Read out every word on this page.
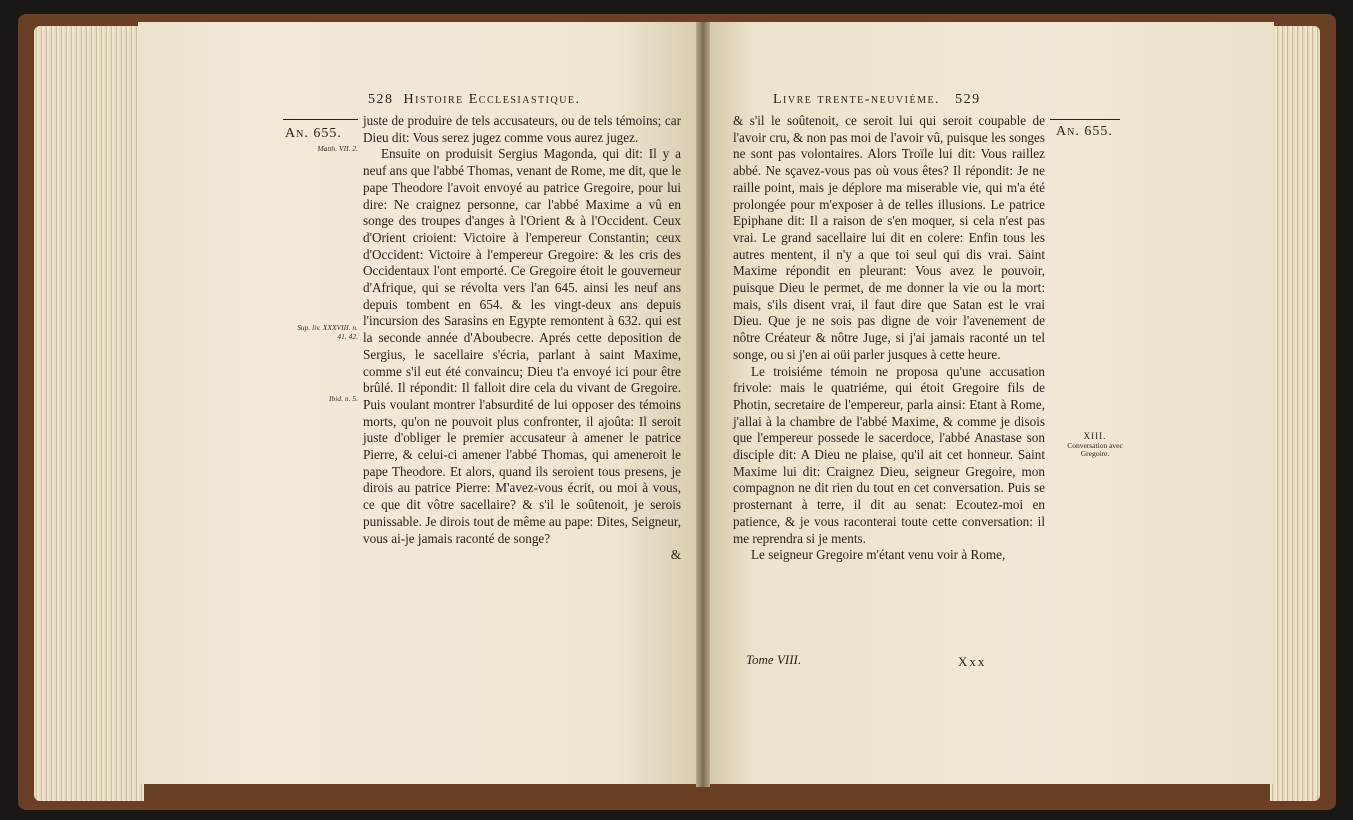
528 Histoire Ecclesiastique.
An. 655.
Matth. VII. 2.
Sup. liv. XXXVIII. n. 41. 42.
Ibid. n. 5.

juste de produire de tels accusateurs, ou de tels témoins; car Dieu dit: Vous serez jugez comme vous aurez jugez.

Ensuite on produisit Sergius Magonda, qui dit: Il y a neuf ans que l'abbé Thomas, venant de Rome, me dit, que le pape Theodore l'avoit envoyé au patrice Gregoire, pour lui dire: Ne craignez personne, car l'abbé Maxime a vû en songe des troupes d'anges à l'Orient & à l'Occident. Ceux d'Orient crioient: Victoire à l'empereur Constantin; ceux d'Occident: Victoire à l'empereur Gregoire: & les cris des Occidentaux l'ont emporté. Ce Gregoire étoit le gouverneur d'Afrique, qui se révolta vers l'an 645. ainsi les neuf ans depuis tombent en 654. & les vingt-deux ans depuis l'incursion des Sarasins en Egypte remontent à 632. qui est la seconde année d'Aboubecre. Aprés cette deposition de Sergius, le sacellaire s'écria, parlant à saint Maxime, comme s'il eut été convaincu; Dieu t'a envoyé ici pour être brûlé. Il répondit: Il falloit dire cela du vivant de Gregoire. Puis voulant montrer l'absurdité de lui opposer des témoins morts, qu'on ne pouvoit plus confronter, il ajoûta: Il seroit juste d'obliger le premier accusateur à amener le patrice Pierre, & celui-ci amener l'abbé Thomas, qui ameneroit le pape Theodore. Et alors, quand ils seroient tous presens, je dirois au patrice Pierre: M'avez-vous écrit, ou moi à vous, ce que dit vôtre sacellaire? & s'il le soûtenoit, je serois punissable. Je dirois tout de même au pape: Dites, Seigneur, vous ai-je jamais raconté de songe?

&

Livre trente-neuviéme. 529
An. 655.

& s'il le soûtenoit, ce seroit lui qui seroit coupable de l'avoir cru, & non pas moi de l'avoir vû, puisque les songes ne sont pas volontaires. Alors Troïle lui dit: Vous raillez abbé. Ne sçavez-vous pas où vous êtes? Il répondit: Je ne raille point, mais je déplore ma miserable vie, qui m'a été prolongée pour m'exposer à de telles illusions. Le patrice Epiphane dit: Il a raison de s'en moquer, si cela n'est pas vrai. Le grand sacellaire lui dit en colere: Enfin tous les autres mentent, il n'y a que toi seul qui dis vrai. Saint Maxime répondit en pleurant: Vous avez le pouvoir, puisque Dieu le permet, de me donner la vie ou la mort: mais, s'ils disent vrai, il faut dire que Satan est le vrai Dieu. Que je ne sois pas digne de voir l'avenement de nôtre Créateur & nôtre Juge, si j'ai jamais raconté un tel songe, ou si j'en ai oüi parler jusques à cette heure.

Le troisiéme témoin ne proposa qu'une accusation frivole: mais le quatriéme, qui étoit Gregoire fils de Photin, secretaire de l'empereur, parla ainsi: Etant à Rome, j'allai à la chambre de l'abbé Maxime, & comme je disois que l'empereur possede le sacerdoce, l'abbé Anastase son disciple dit: A Dieu ne plaise, qu'il ait cet honneur. Saint Maxime lui dit: Craignez Dieu, seigneur Gregoire, mon compagnon ne dit rien du tout en cet conversation. Puis se prosternant à terre, il dit au senat: Ecoutez-moi en patience, & je vous raconterai toute cette conversation: il me reprendra si je ments.

Le seigneur Gregoire m'étant venu voir à Rome,

XIII.
Conversation avec Gregoire.
Tome VIII.	Xxx
